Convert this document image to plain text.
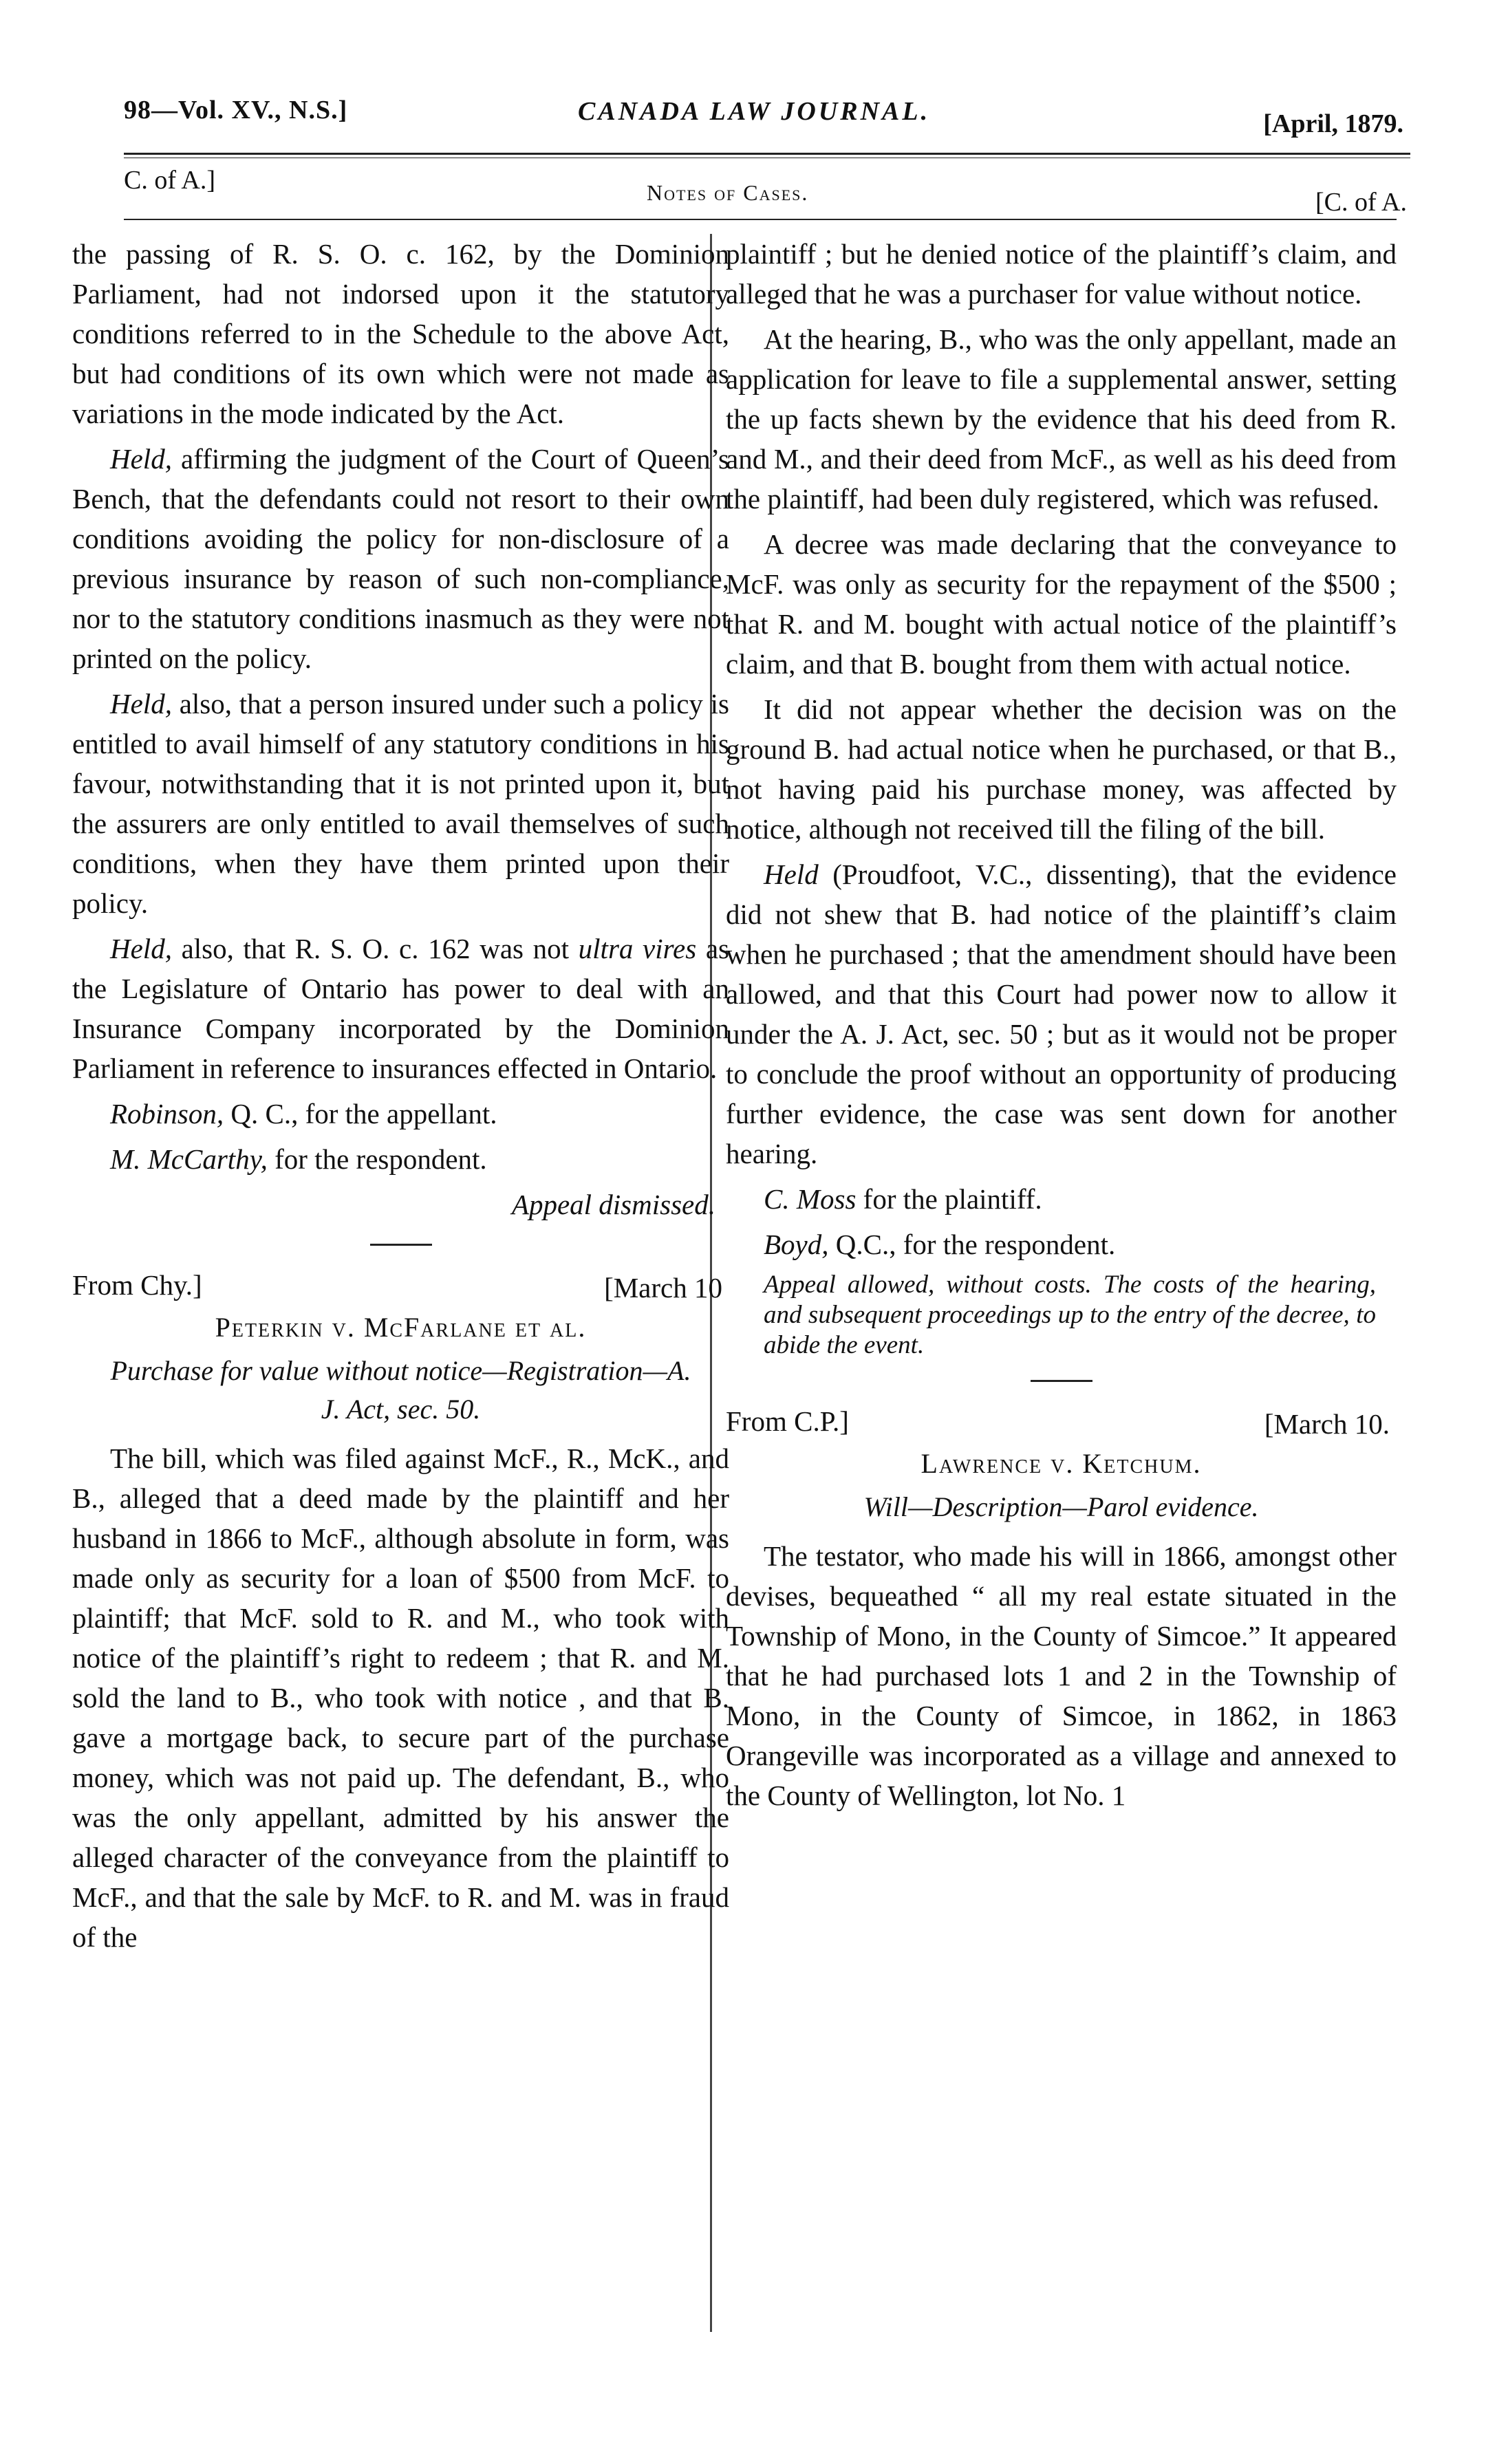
98—Vol. XV., N.S.]	CANADA LAW JOURNAL.	[April, 1879.
C. of A.]	Notes of Cases.	[C. of A.

the passing of R. S. O. c. 162, by the Dominion Parliament, had not indorsed upon it the statutory conditions referred to in the Schedule to the above Act, but had conditions of its own which were not made as variations in the mode indicated by the Act.

Held, affirming the judgment of the Court of Queen’s Bench, that the defendants could not resort to their own conditions avoiding the policy for non-disclosure of a previous insurance by reason of such non-compliance, nor to the statutory conditions inasmuch as they were not printed on the policy.

Held, also, that a person insured under such a policy is entitled to avail himself of any statutory conditions in his favour, notwithstanding that it is not printed upon it, but the assurers are only entitled to avail themselves of such conditions, when they have them printed upon their policy.

Held, also, that R. S. O. c. 162 was not ultra vires as the Legislature of Ontario has power to deal with an Insurance Company incorporated by the Dominion Parliament in reference to insurances effected in Ontario.

Robinson, Q. C., for the appellant.

M. McCarthy, for the respondent.

Appeal dismissed.
From Chy.]	[March 10
Peterkin v. McFarlane et al.
Purchase for value without notice—Registration—A. J. Act, sec. 50.

The bill, which was filed against McF., R., McK., and B., alleged that a deed made by the plaintiff and her husband in 1866 to McF., although absolute in form, was made only as security for a loan of $500 from McF. to plaintiff; that McF. sold to R. and M., who took with notice of the plaintiff’s right to redeem ; that R. and M. sold the land to B., who took with notice , and that B. gave a mortgage back, to secure part of the purchase money, which was not paid up. The defendant, B., who was the only appellant, admitted by his answer the alleged character of the conveyance from the plaintiff to McF., and that the sale by McF. to R. and M. was in fraud of the

plaintiff ; but he denied notice of the plaintiff’s claim, and alleged that he was a purchaser for value without notice.

At the hearing, B., who was the only appellant, made an application for leave to file a supplemental answer, setting the up facts shewn by the evidence that his deed from R. and M., and their deed from McF., as well as his deed from the plaintiff, had been duly registered, which was refused.

A decree was made declaring that the conveyance to McF. was only as security for the repayment of the $500 ; that R. and M. bought with actual notice of the plaintiff’s claim, and that B. bought from them with actual notice.

It did not appear whether the decision was on the ground B. had actual notice when he purchased, or that B., not having paid his purchase money, was affected by notice, although not received till the filing of the bill.

Held (Proudfoot, V.C., dissenting), that the evidence did not shew that B. had notice of the plaintiff’s claim when he purchased ; that the amendment should have been allowed, and that this Court had power now to allow it under the A. J. Act, sec. 50 ; but as it would not be proper to conclude the proof without an opportunity of producing further evidence, the case was sent down for another hearing.

C. Moss for the plaintiff.

Boyd, Q.C., for the respondent.

Appeal allowed, without costs. The costs of the hearing, and subsequent proceedings up to the entry of the decree, to abide the event.
From C.P.]	[March 10.
Lawrence v. Ketchum.
Will—Description—Parol evidence.

The testator, who made his will in 1866, amongst other devises, bequeathed “ all my real estate situated in the Township of Mono, in the County of Simcoe.” It appeared that he had purchased lots 1 and 2 in the Township of Mono, in the County of Simcoe, in 1862, in 1863 Orangeville was incorporated as a village and annexed to the County of Wellington, lot No. 1
